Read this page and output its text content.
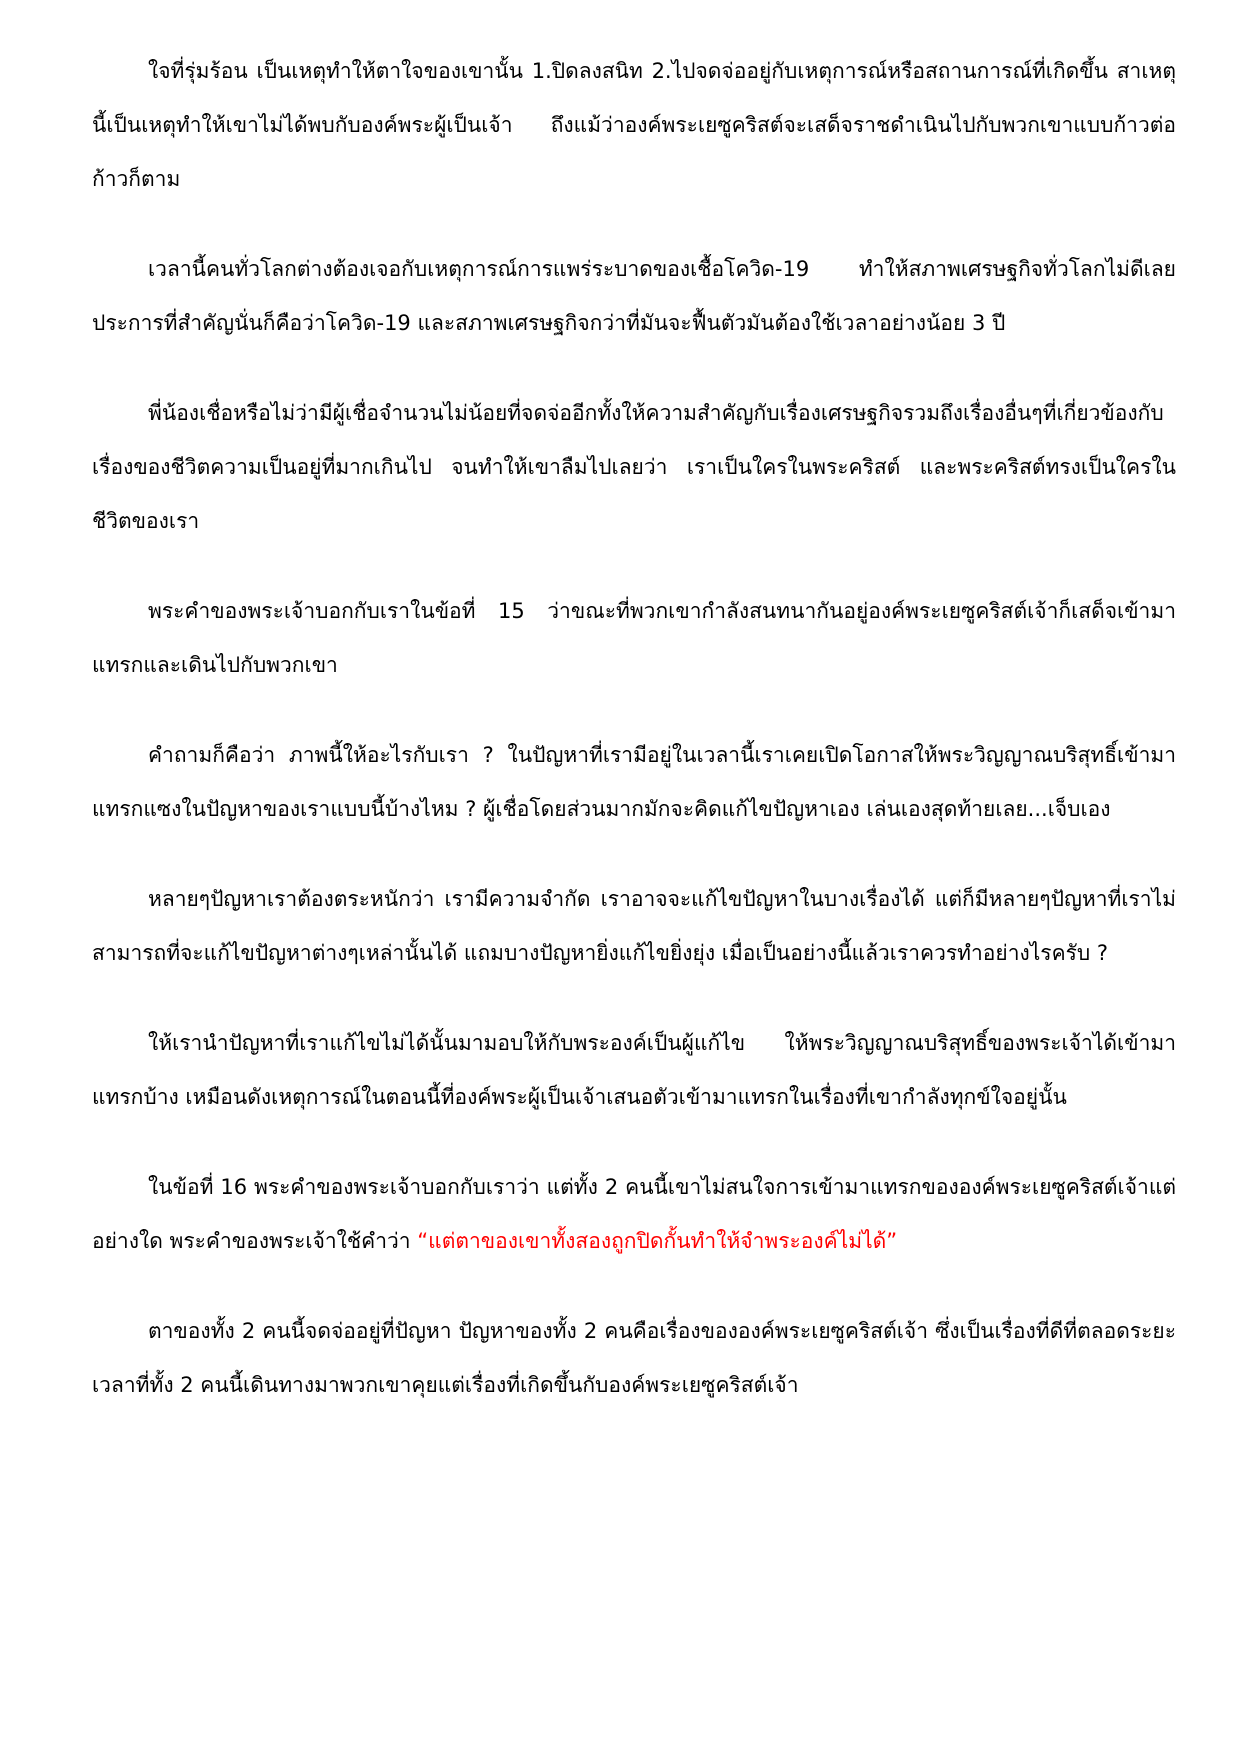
ใจที่รุ่มร้อน เป็นเหตุทำให้ตาใจของเขานั้น 1.ปิดลงสนิท 2.ไปจดจ่ออยู่กับเหตุการณ์หรือสถานการณ์ที่เกิดขึ้น สาเหตุนี้เป็นเหตุทำให้เขาไม่ได้พบกับองค์พระผู้เป็นเจ้า ถึงแม้ว่าองค์พระเยซูคริสต์จะเสด็จราชดำเนินไปกับพวกเขาแบบก้าวต่อก้าวก็ตาม

เวลานี้คนทั่วโลกต่างต้องเจอกับเหตุการณ์การแพร่ระบาดของเชื้อโควิด-19 ทำให้สภาพเศรษฐกิจทั่วโลกไม่ดีเลย ประการที่สำคัญนั่นก็คือว่าโควิด-19 และสภาพเศรษฐกิจกว่าที่มันจะฟื้นตัวมันต้องใช้เวลาอย่างน้อย 3 ปี

พี่น้องเชื่อหรือไม่ว่ามีผู้เชื่อจำนวนไม่น้อยที่จดจ่ออีกทั้งให้ความสำคัญกับเรื่องเศรษฐกิจรวมถึงเรื่องอื่นๆที่เกี่ยวข้องกับเรื่องของชีวิตความเป็นอยู่ที่มากเกินไป จนทำให้เขาลืมไปเลยว่า เราเป็นใครในพระคริสต์ และพระคริสต์ทรงเป็นใครในชีวิตของเรา

พระคำของพระเจ้าบอกกับเราในข้อที่ 15 ว่าขณะที่พวกเขากำลังสนทนากันอยู่องค์พระเยซูคริสต์เจ้าก็เสด็จเข้ามาแทรกและเดินไปกับพวกเขา

คำถามก็คือว่า ภาพนี้ให้อะไรกับเรา ? ในปัญหาที่เรามีอยู่ในเวลานี้เราเคยเปิดโอกาสให้พระวิญญาณบริสุทธิ์เข้ามาแทรกแซงในปัญหาของเราแบบนี้บ้างไหม ? ผู้เชื่อโดยส่วนมากมักจะคิดแก้ไขปัญหาเอง เล่นเองสุดท้ายเลย...เจ็บเอง

หลายๆปัญหาเราต้องตระหนักว่า เรามีความจำกัด เราอาจจะแก้ไขปัญหาในบางเรื่องได้ แต่ก็มีหลายๆปัญหาที่เราไม่สามารถที่จะแก้ไขปัญหาต่างๆเหล่านั้นได้ แถมบางปัญหายิ่งแก้ไขยิ่งยุ่ง เมื่อเป็นอย่างนี้แล้วเราควรทำอย่างไรครับ ?

ให้เรานำปัญหาที่เราแก้ไขไม่ได้นั้นมามอบให้กับพระองค์เป็นผู้แก้ไข ให้พระวิญญาณบริสุทธิ์ของพระเจ้าได้เข้ามาแทรกบ้าง เหมือนดังเหตุการณ์ในตอนนี้ที่องค์พระผู้เป็นเจ้าเสนอตัวเข้ามาแทรกในเรื่องที่เขากำลังทุกข์ใจอยู่นั้น

ในข้อที่ 16 พระคำของพระเจ้าบอกกับเราว่า แต่ทั้ง 2 คนนี้เขาไม่สนใจการเข้ามาแทรกขององค์พระเยซูคริสต์เจ้าแต่อย่างใด พระคำของพระเจ้าใช้คำว่า “แต่ตาของเขาทั้งสองถูกปิดกั้นทำให้จำพระองค์ไม่ได้”

ตาของทั้ง 2 คนนี้จดจ่ออยู่ที่ปัญหา ปัญหาของทั้ง 2 คนคือเรื่องขององค์พระเยซูคริสต์เจ้า ซึ่งเป็นเรื่องที่ดีที่ตลอดระยะเวลาที่ทั้ง 2 คนนี้เดินทางมาพวกเขาคุยแต่เรื่องที่เกิดขึ้นกับองค์พระเยซูคริสต์เจ้า
